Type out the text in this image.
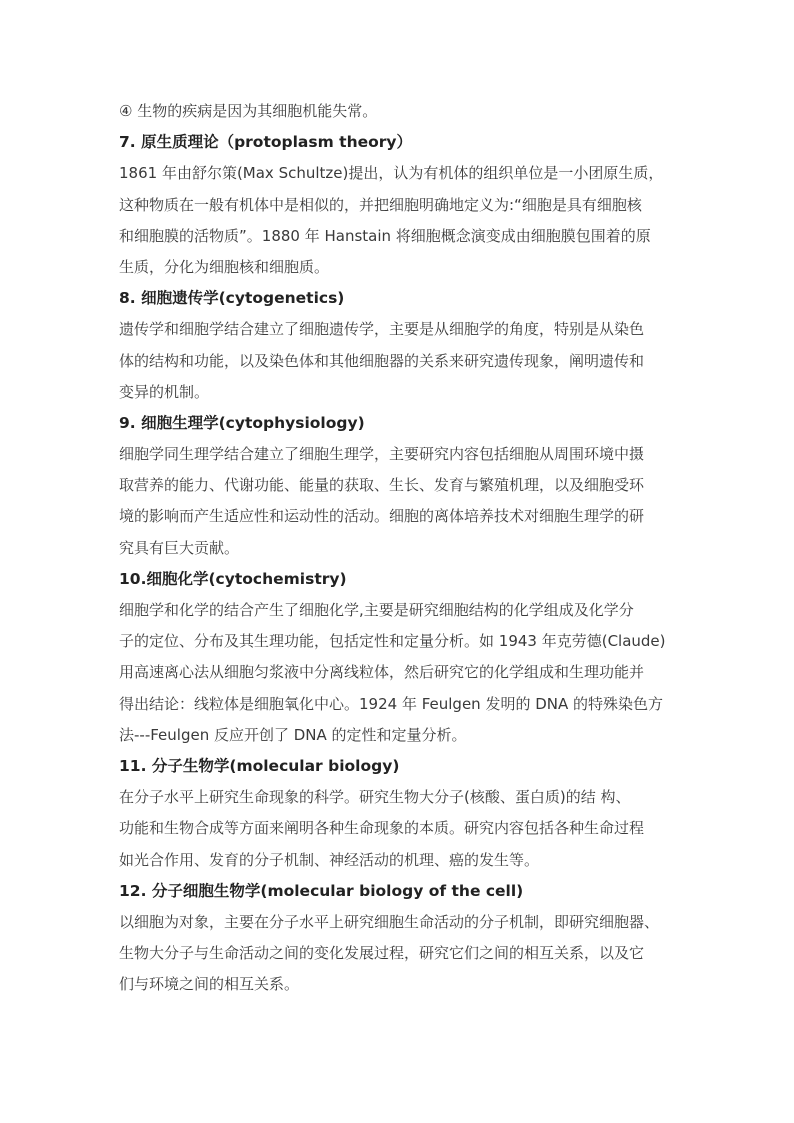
④ 生物的疾病是因为其细胞机能失常。
7. 原生质理论（protoplasm theory）
1861 年由舒尔策(Max Schultze)提出，认为有机体的组织单位是一小团原生质，
这种物质在一般有机体中是相似的，并把细胞明确地定义为:“细胞是具有细胞核
和细胞膜的活物质”。1880 年 Hanstain 将细胞概念演变成由细胞膜包围着的原
生质，分化为细胞核和细胞质。
8. 细胞遗传学(cytogenetics)
遗传学和细胞学结合建立了细胞遗传学，主要是从细胞学的角度，特别是从染色
体的结构和功能，以及染色体和其他细胞器的关系来研究遗传现象，阐明遗传和
变异的机制。
9. 细胞生理学(cytophysiology)
细胞学同生理学结合建立了细胞生理学，主要研究内容包括细胞从周围环境中摄
取营养的能力、代谢功能、能量的获取、生长、发育与繁殖机理，以及细胞受环
境的影响而产生适应性和运动性的活动。细胞的离体培养技术对细胞生理学的研
究具有巨大贡献。
10.细胞化学(cytochemistry)
细胞学和化学的结合产生了细胞化学,主要是研究细胞结构的化学组成及化学分
子的定位、分布及其生理功能，包括定性和定量分析。如 1943 年克劳德(Claude)
用高速离心法从细胞匀浆液中分离线粒体，然后研究它的化学组成和生理功能并
得出结论：线粒体是细胞氧化中心。1924 年 Feulgen 发明的 DNA 的特殊染色方
法---Feulgen 反应开创了 DNA 的定性和定量分析。
11. 分子生物学(molecular biology)
在分子水平上研究生命现象的科学。研究生物大分子(核酸、蛋白质)的结 构、
功能和生物合成等方面来阐明各种生命现象的本质。研究内容包括各种生命过程
如光合作用、发育的分子机制、神经活动的机理、癌的发生等。
12. 分子细胞生物学(molecular biology of the cell)
以细胞为对象，主要在分子水平上研究细胞生命活动的分子机制，即研究细胞器、
生物大分子与生命活动之间的变化发展过程，研究它们之间的相互关系，以及它
们与环境之间的相互关系。
